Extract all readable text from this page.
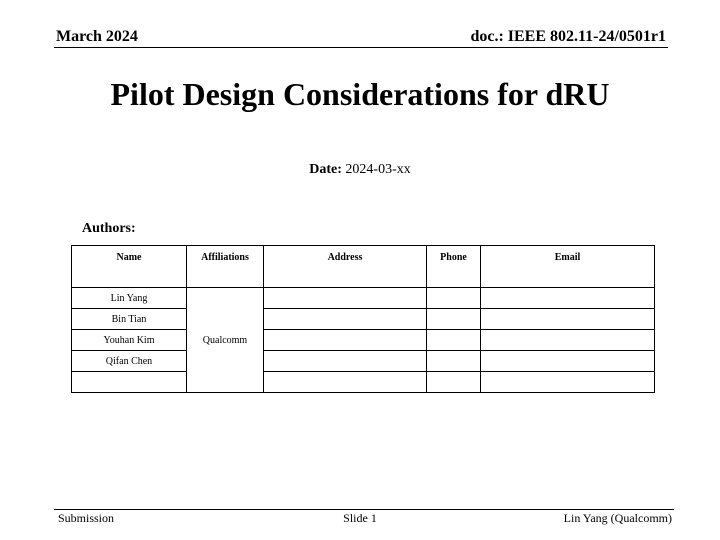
March 2024	doc.: IEEE 802.11-24/0501r1
Pilot Design Considerations for dRU
Date: 2024-03-xx
Authors:
Name	Affiliations	Address	Phone	Email
Lin Yang	Qualcomm			
Bin Tian				
Youhan Kim				
Qifan Chen				

Submission	Slide 1	Lin Yang (Qualcomm)
